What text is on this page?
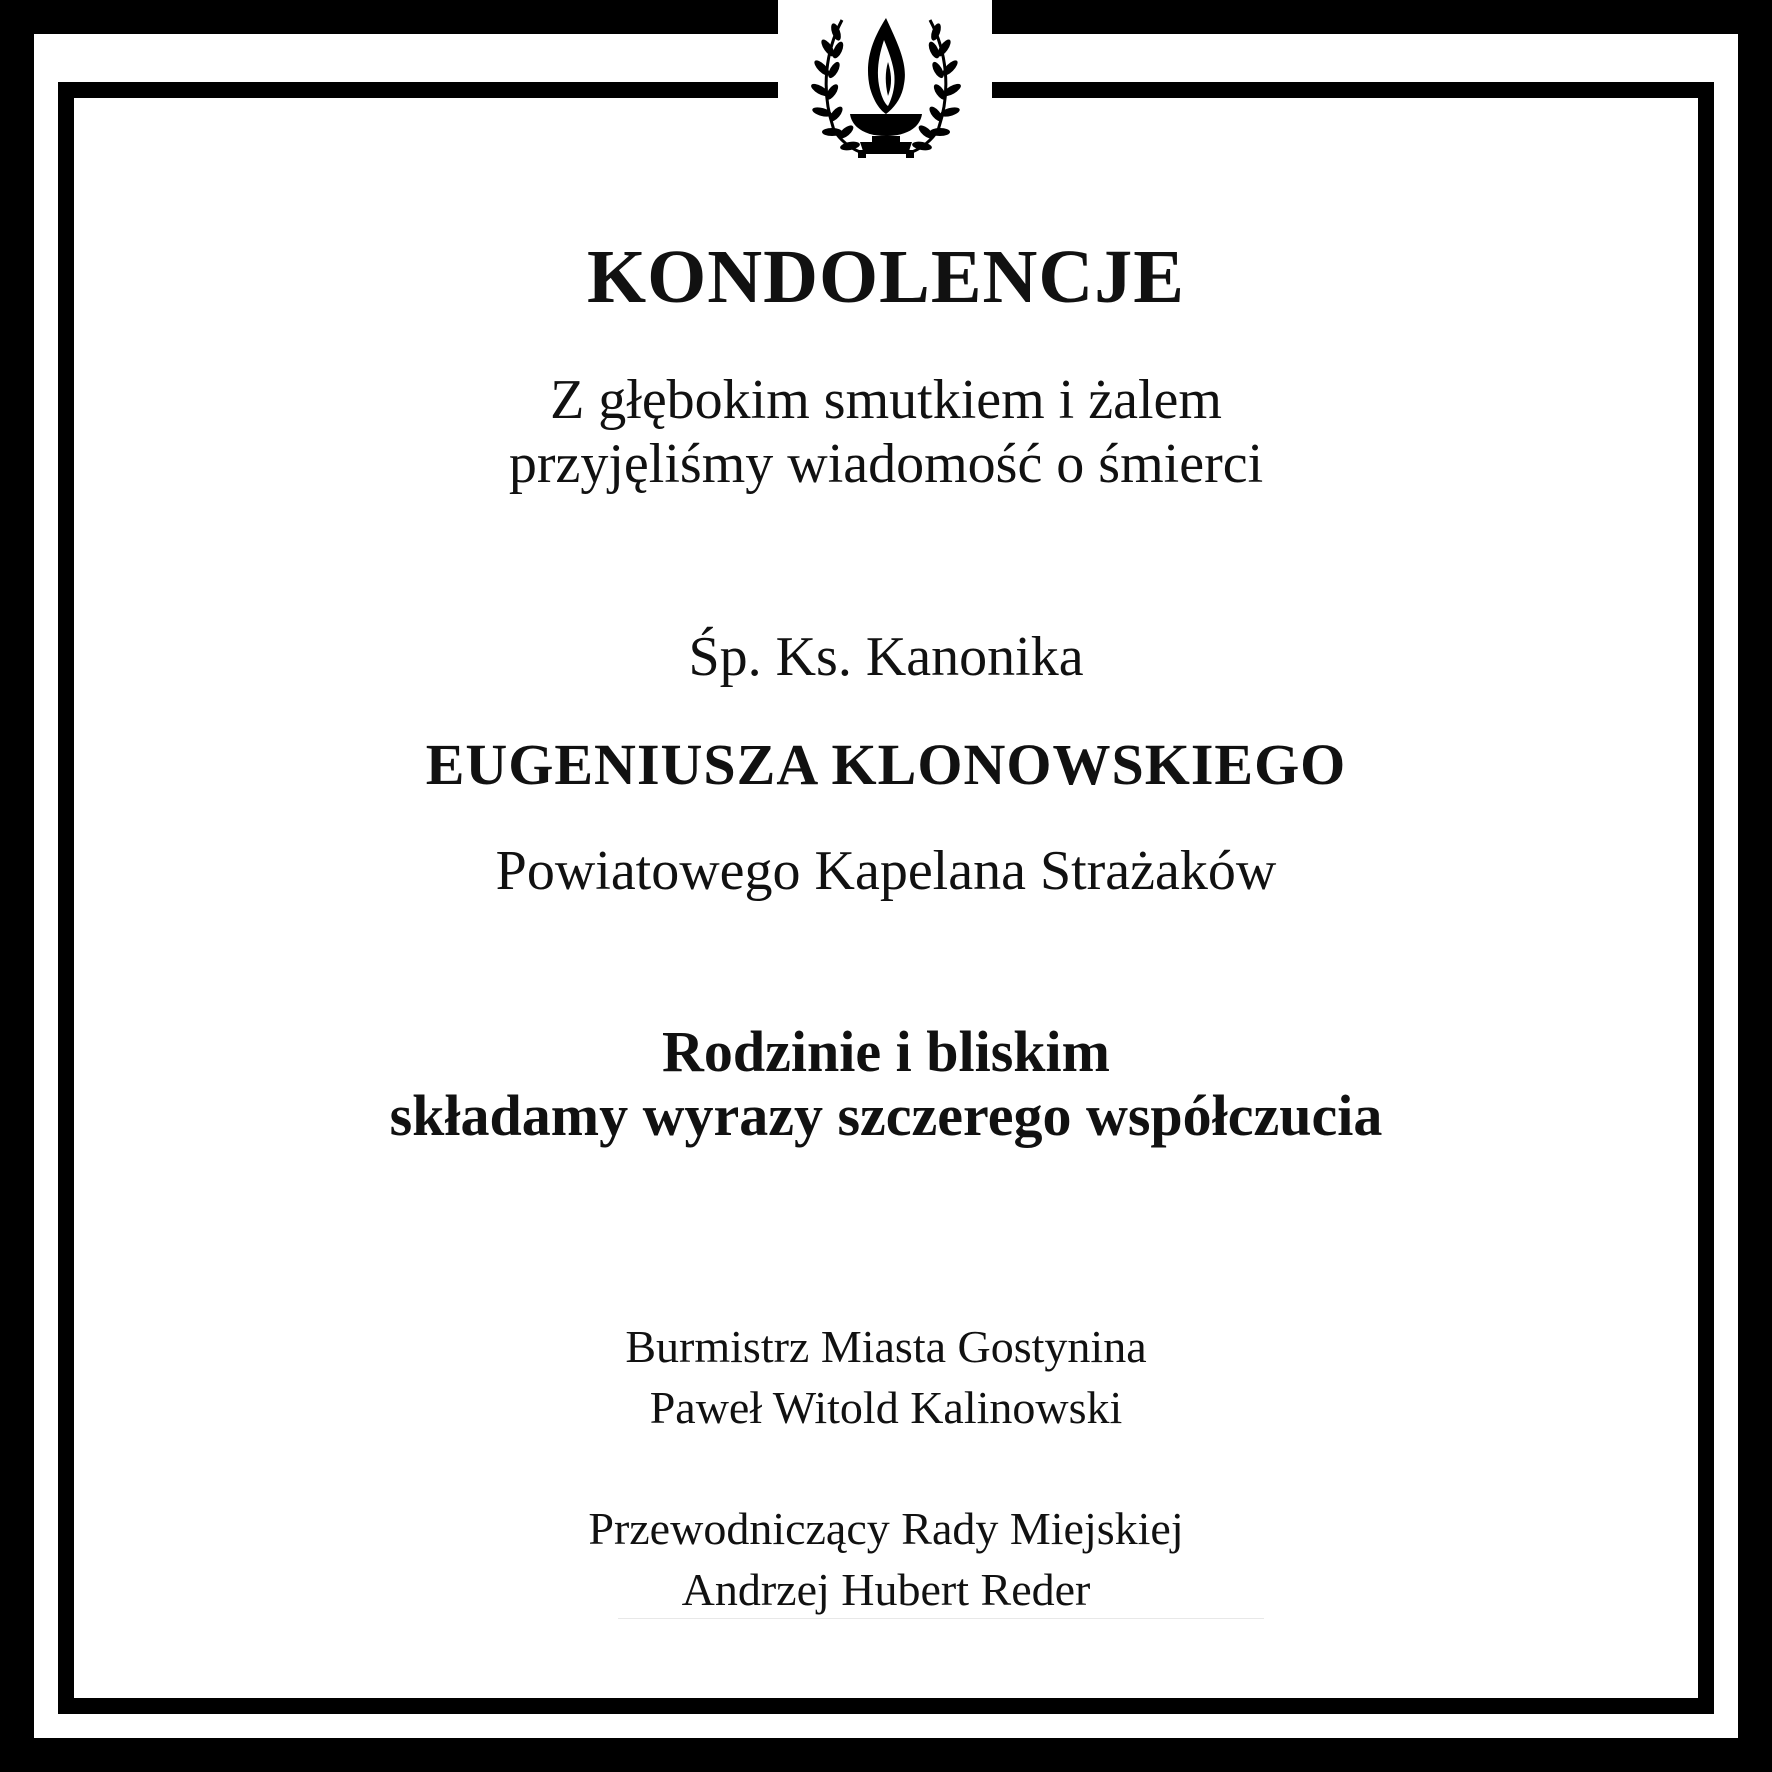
KONDOLENCJE

Z głębokim smutkiem i żalem
przyjęliśmy wiadomość o śmierci

Śp. Ks. Kanonika

EUGENIUSZA KLONOWSKIEGO

Powiatowego Kapelana Strażaków

Rodzinie i bliskim
składamy wyrazy szczerego współczucia

Burmistrz Miasta Gostynina
Paweł Witold Kalinowski

Przewodniczący Rady Miejskiej
Andrzej Hubert Reder
